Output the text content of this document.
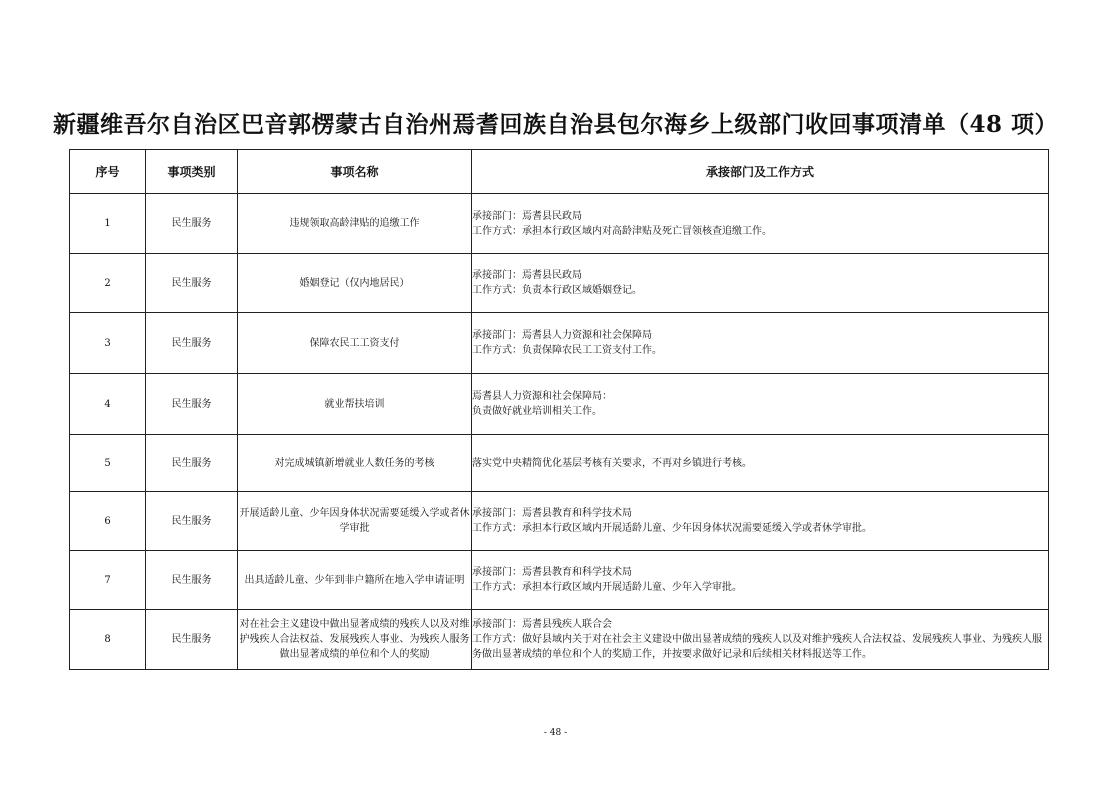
新疆维吾尔自治区巴音郭楞蒙古自治州焉耆回族自治县包尔海乡上级部门收回事项清单（48 项）
序号	事项类别	事项名称	承接部门及工作方式
1	民生服务	违规领取高龄津贴的追缴工作	承接部门：焉耆县民政局
工作方式：承担本行政区域内对高龄津贴及死亡冒领核查追缴工作。

2	民生服务	婚姻登记（仅内地居民）	承接部门：焉耆县民政局
工作方式：负责本行政区域婚姻登记。

3	民生服务	保障农民工工资支付	承接部门：焉耆县人力资源和社会保障局
工作方式：负责保障农民工工资支付工作。

4	民生服务	就业帮扶培训	焉耆县人力资源和社会保障局：
负责做好就业培训相关工作。

5	民生服务	对完成城镇新增就业人数任务的考核	落实党中央精简优化基层考核有关要求，不再对乡镇进行考核。

6	民生服务	开展适龄儿童、少年因身体状况需要延缓入学或者休学审批	承接部门：焉耆县教育和科学技术局
工作方式：承担本行政区域内开展适龄儿童、少年因身体状况需要延缓入学或者休学审批。

7	民生服务	出具适龄儿童、少年到非户籍所在地入学申请证明	承接部门：焉耆县教育和科学技术局
工作方式：承担本行政区域内开展适龄儿童、少年入学审批。

8	民生服务	对在社会主义建设中做出显著成绩的残疾人以及对维护残疾人合法权益、发展残疾人事业、为残疾人服务做出显著成绩的单位和个人的奖励	承接部门：焉耆县残疾人联合会
工作方式：做好县域内关于对在社会主义建设中做出显著成绩的残疾人以及对维护残疾人合法权益、发展残疾人事业、为残疾人服务做出显著成绩的单位和个人的奖励工作，并按要求做好记录和后续相关材料报送等工作。
- 48 -
